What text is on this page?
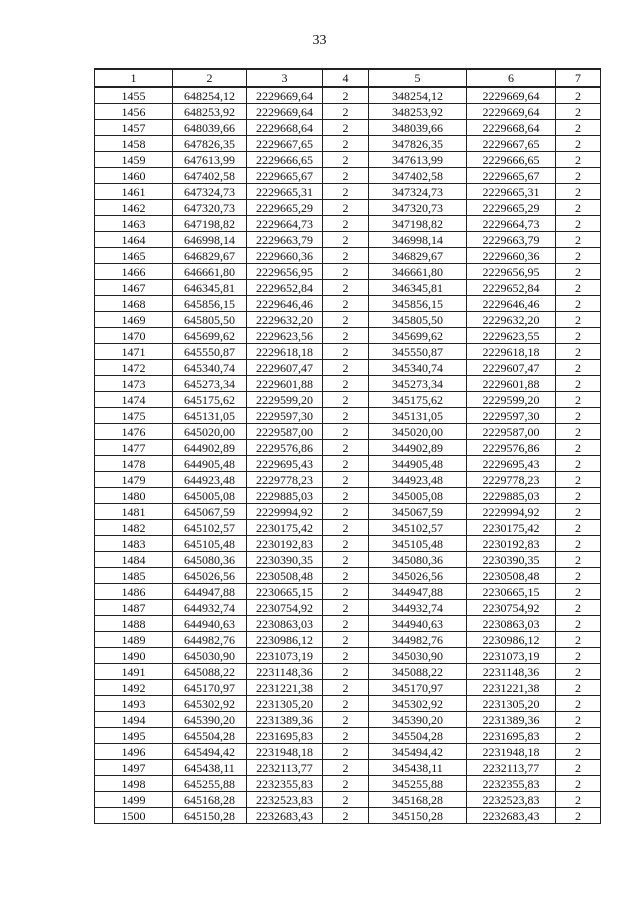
33
1	2	3	4	5	6	7
1455	648254,12	2229669,64	2	348254,12	2229669,64	2
1456	648253,92	2229669,64	2	348253,92	2229669,64	2
1457	648039,66	2229668,64	2	348039,66	2229668,64	2
1458	647826,35	2229667,65	2	347826,35	2229667,65	2
1459	647613,99	2229666,65	2	347613,99	2229666,65	2
1460	647402,58	2229665,67	2	347402,58	2229665,67	2
1461	647324,73	2229665,31	2	347324,73	2229665,31	2
1462	647320,73	2229665,29	2	347320,73	2229665,29	2
1463	647198,82	2229664,73	2	347198,82	2229664,73	2
1464	646998,14	2229663,79	2	346998,14	2229663,79	2
1465	646829,67	2229660,36	2	346829,67	2229660,36	2
1466	646661,80	2229656,95	2	346661,80	2229656,95	2
1467	646345,81	2229652,84	2	346345,81	2229652,84	2
1468	645856,15	2229646,46	2	345856,15	2229646,46	2
1469	645805,50	2229632,20	2	345805,50	2229632,20	2
1470	645699,62	2229623,56	2	345699,62	2229623,55	2
1471	645550,87	2229618,18	2	345550,87	2229618,18	2
1472	645340,74	2229607,47	2	345340,74	2229607,47	2
1473	645273,34	2229601,88	2	345273,34	2229601,88	2
1474	645175,62	2229599,20	2	345175,62	2229599,20	2
1475	645131,05	2229597,30	2	345131,05	2229597,30	2
1476	645020,00	2229587,00	2	345020,00	2229587,00	2
1477	644902,89	2229576,86	2	344902,89	2229576,86	2
1478	644905,48	2229695,43	2	344905,48	2229695,43	2
1479	644923,48	2229778,23	2	344923,48	2229778,23	2
1480	645005,08	2229885,03	2	345005,08	2229885,03	2
1481	645067,59	2229994,92	2	345067,59	2229994,92	2
1482	645102,57	2230175,42	2	345102,57	2230175,42	2
1483	645105,48	2230192,83	2	345105,48	2230192,83	2
1484	645080,36	2230390,35	2	345080,36	2230390,35	2
1485	645026,56	2230508,48	2	345026,56	2230508,48	2
1486	644947,88	2230665,15	2	344947,88	2230665,15	2
1487	644932,74	2230754,92	2	344932,74	2230754,92	2
1488	644940,63	2230863,03	2	344940,63	2230863,03	2
1489	644982,76	2230986,12	2	344982,76	2230986,12	2
1490	645030,90	2231073,19	2	345030,90	2231073,19	2
1491	645088,22	2231148,36	2	345088,22	2231148,36	2
1492	645170,97	2231221,38	2	345170,97	2231221,38	2
1493	645302,92	2231305,20	2	345302,92	2231305,20	2
1494	645390,20	2231389,36	2	345390,20	2231389,36	2
1495	645504,28	2231695,83	2	345504,28	2231695,83	2
1496	645494,42	2231948,18	2	345494,42	2231948,18	2
1497	645438,11	2232113,77	2	345438,11	2232113,77	2
1498	645255,88	2232355,83	2	345255,88	2232355,83	2
1499	645168,28	2232523,83	2	345168,28	2232523,83	2
1500	645150,28	2232683,43	2	345150,28	2232683,43	2
